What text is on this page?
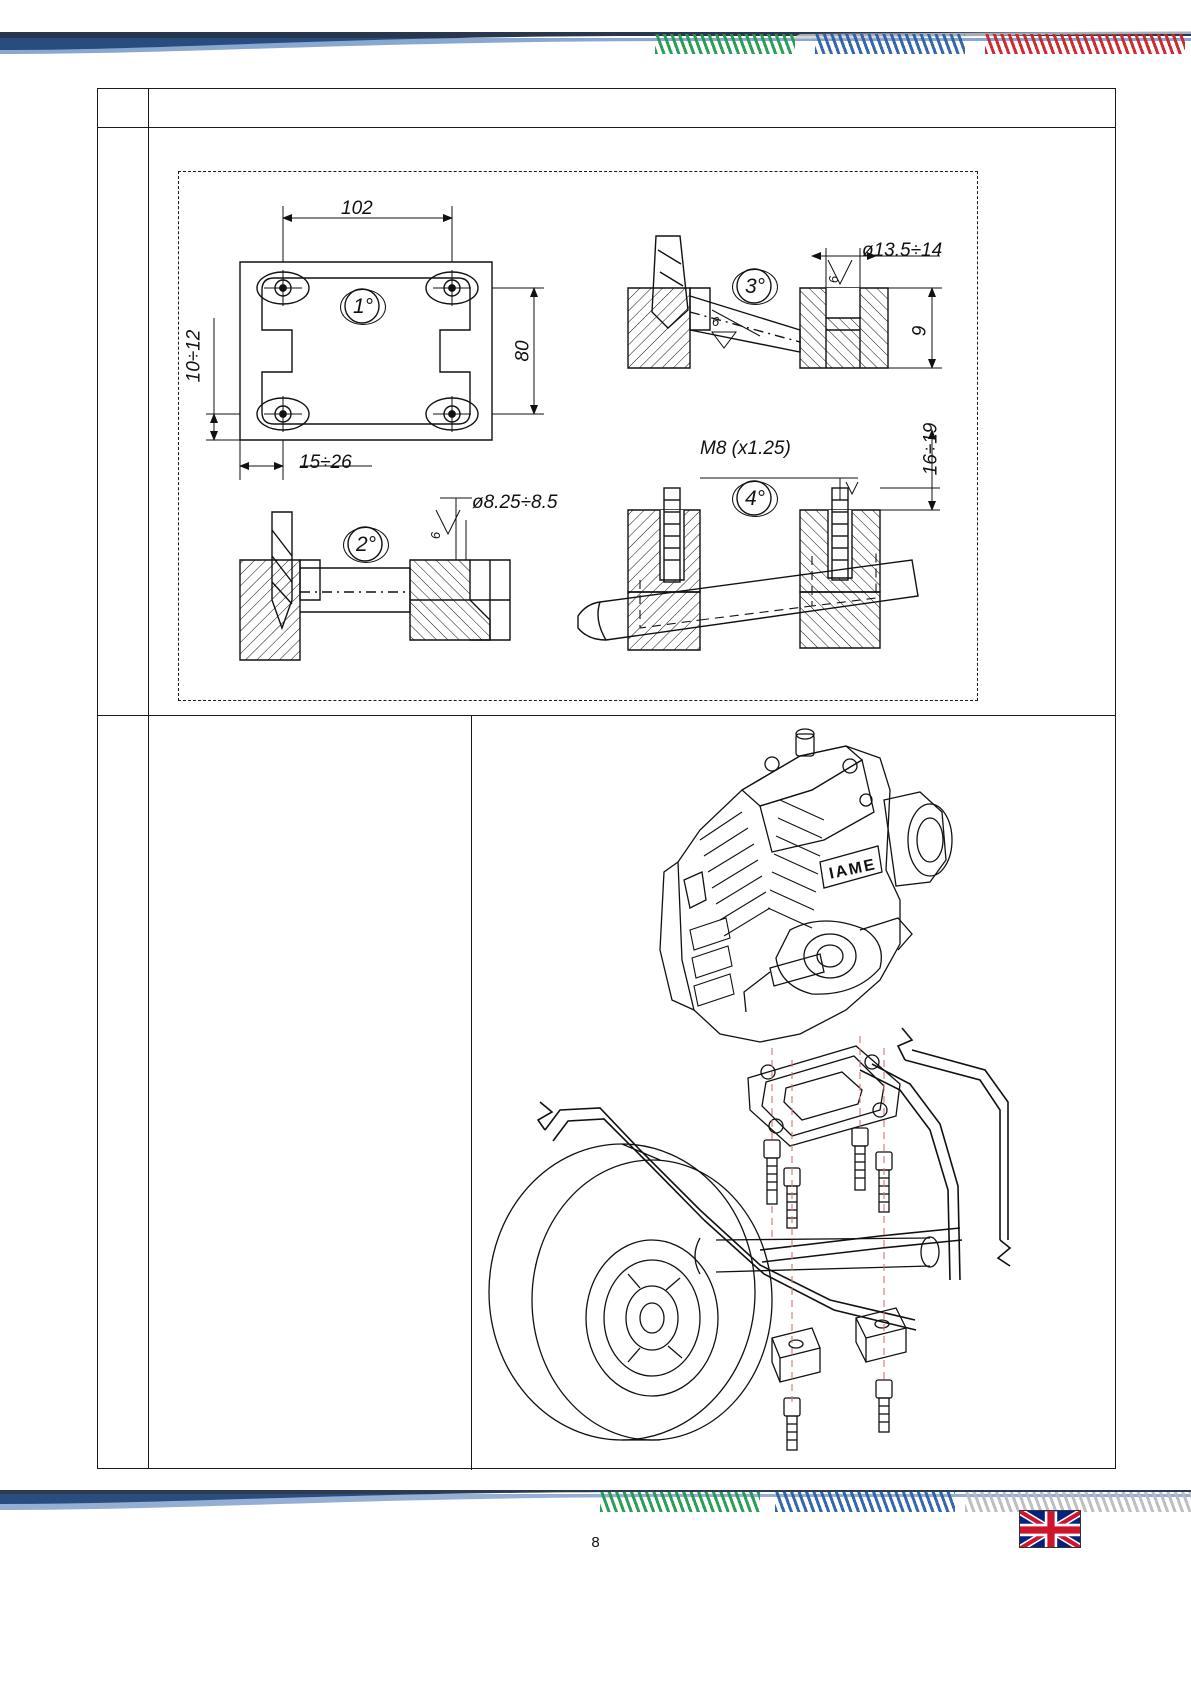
102
80
10÷12
15÷26
ø8.25÷8.5
ø13.5÷14
9
M8 (x1.25)	16÷19
6
6
6
1°
2°
3°
4°
IAME
8
